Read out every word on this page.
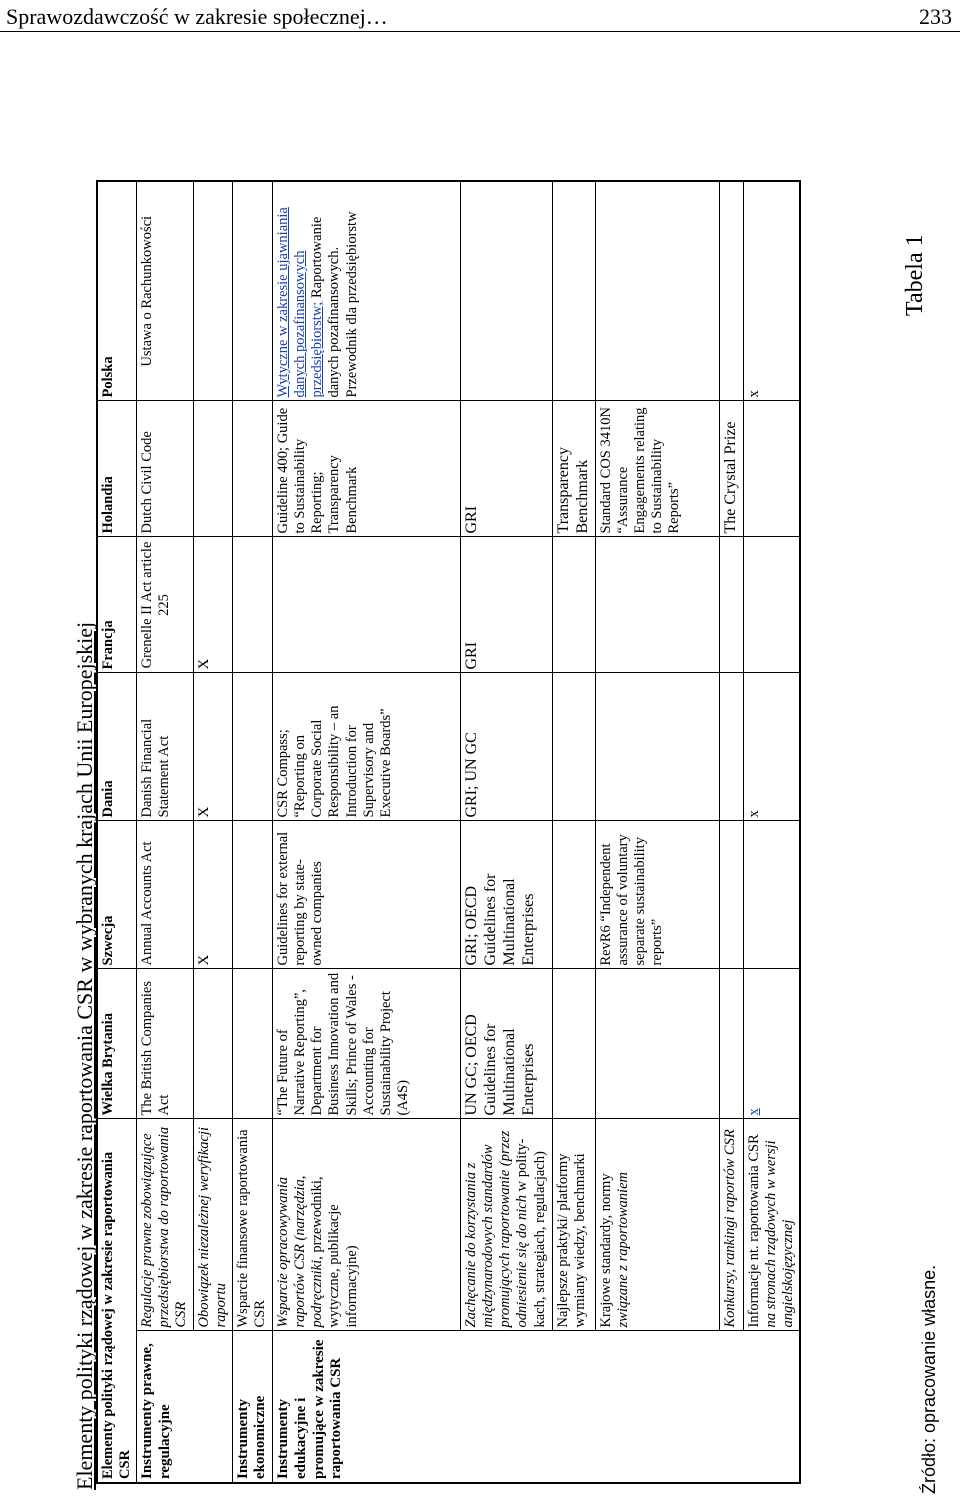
Sprawozdawczość w zakresie społecznej…	233
Tabela 1
Elementy polityki rządowej w zakresie raportowania CSR w wybranych krajach Unii Europejskiej Elementy polityki rządowej w zakresie raportowania CSR		Wielka Brytania	Szwecja	Dania	Francja	Holandia	Polska
Instrumenty prawne, regulacyjne	Regulacje prawne zobowiązujące przedsiębiorstwa do raportowania CSR	The British Companies Act	Annual Accounts Act	Danish Financial Statement Act	Grenelle II Act article 225	Dutch Civil Code	Ustawa o Rachunkowości
	Obowiązek niezależnej weryfikacji raportu		X	X	X		
Instrumenty ekonomiczne	Wsparcie finansowe raportowania CSR						
Instrumenty edukacyjne i promujące w zakresie raportowania CSR	Wsparcie opracowywania raportów CSR (narzędzia, podręczniki, przewodniki, wytyczne, publikacje informacyjne)	“The Future of Narrative Reporting”, Department for Business Innovation and Skills; Prince of Wales - Accounting for Sustainability Project (A4S)	Guidelines for external reporting by state-owned companies	CSR Compass; “Reporting on Corporate Social Responsibility – an Introduction for Supervisory and Executive Boards”		Guideline 400; Guide to Sustainability Reporting; Transparency Benchmark	Wytyczne w zakresie ujawniania danych pozafinansowych przedsiębiorstw; Raportowanie danych pozafinansowych. Przewodnik dla przedsiębiorstw
	Zachęcanie do korzystania z międzynarodowych standardów promujących raportowanie (przez odniesienie się do nich w polity-kach, strategiach, regulacjach)	UN GC; OECD Guidelines for Multinational Enterprises	GRI; OECD Guidelines for Multinational Enterprises	GRI; UN GC	GRI	GRI	
	Najlepsze praktyki/ platformy wymiany wiedzy, benchmarki					Transparency Benchmark	
	Krajowe standardy, normy związane z raportowaniem		RevR6 “Independent assurance of voluntary separate sustainability reports”			Standard COS 3410N “Assurance Engagements relating to Sustainability Reports”	
	Konkursy, rankingi raportów CSR					The Crystal Prize	
	Informacje nt. raportowania CSR na stronach rządowych w wersji angielskojęzycznej	x		x			x
Źródło: opracowanie własne.
